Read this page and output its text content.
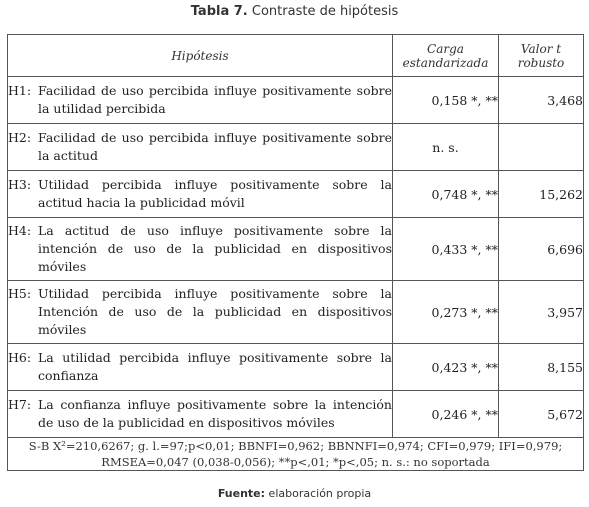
Tabla 7. Contraste de hipótesis
Hipótesis	Carga estandarizada	Valor t robusto

H1: Facilidad de uso percibida influye positivamente sobre la utilidad percibida	0,158 *, **	3,468

H2: Facilidad de uso percibida influye positivamente sobre la actitud	n. s.	

H3: Utilidad percibida influye positivamente sobre la actitud hacia la publicidad móvil	0,748 *, **	15,262

H4: La actitud de uso influye positivamente sobre la intención de uso de la publicidad en dispositivos móviles	0,433 *, **	6,696

H5: Utilidad percibida influye positivamente sobre la Intención de uso de la publicidad en dispositivos móviles	0,273 *, **	3,957

H6: La utilidad percibida influye positivamente sobre la confianza	0,423 *, **	8,155

H7: La confianza influye positivamente sobre la intención de uso de la publicidad en dispositivos móviles	0,246 *, **	5,672
S-B X²=210,6267; g. l.=97;p<0,01; BBNFI=0,962; BBNNFI=0,974; CFI=0,979; IFI=0,979;
RMSEA=0,047 (0,038-0,056); **p<,01; *p<,05; n. s.: no soportada		
Fuente: elaboración propia
